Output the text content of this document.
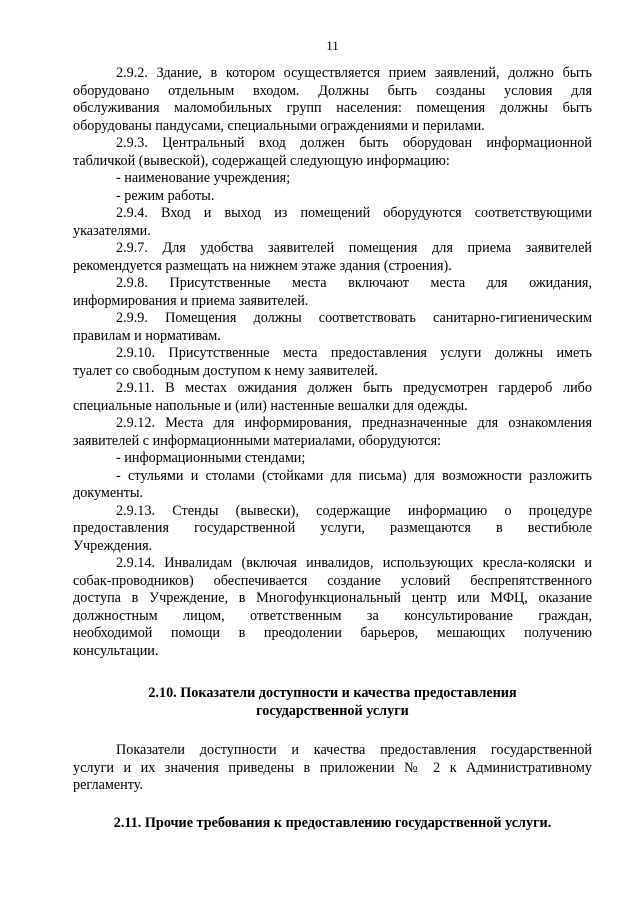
11
2.9.2. Здание, в котором осуществляется прием заявлений, должно быть
оборудовано отдельным входом. Должны быть созданы условия для
обслуживания маломобильных групп населения: помещения должны быть
оборудованы пандусами, специальными ограждениями и перилами.
2.9.3. Центральный вход должен быть оборудован информационной
табличкой (вывеской), содержащей следующую информацию:
- наименование учреждения;
- режим работы.
2.9.4. Вход и выход из помещений оборудуются соответствующими
указателями.
2.9.7. Для удобства заявителей помещения для приема заявителей
рекомендуется размещать на нижнем этаже здания (строения).
2.9.8. Присутственные места включают места для ожидания,
информирования и приема заявителей.
2.9.9. Помещения должны соответствовать санитарно-гигиеническим
правилам и нормативам.
2.9.10. Присутственные места предоставления услуги должны иметь
туалет со свободным доступом к нему заявителей.
2.9.11. В местах ожидания должен быть предусмотрен гардероб либо
специальные напольные и (или) настенные вешалки для одежды.
2.9.12. Места для информирования, предназначенные для ознакомления
заявителей с информационными материалами, оборудуются:
- информационными стендами;
- стульями и столами (стойками для письма) для возможности разложить
документы.
2.9.13. Стенды (вывески), содержащие информацию о процедуре
предоставления государственной услуги, размещаются в вестибюле
Учреждения.
2.9.14. Инвалидам (включая инвалидов, использующих кресла-коляски и
собак-проводников) обеспечивается создание условий беспрепятственного
доступа в Учреждение, в Многофункциональный центр или МФЦ, оказание
должностным лицом, ответственным за консультирование граждан,
необходимой помощи в преодолении барьеров, мешающих получению
консультации.
2.10. Показатели доступности и качества предоставления
государственной услуги
Показатели доступности и качества предоставления государственной
услуги и их значения приведены в приложении № 2 к Административному
регламенту.
2.11. Прочие требования к предоставлению государственной услуги.
